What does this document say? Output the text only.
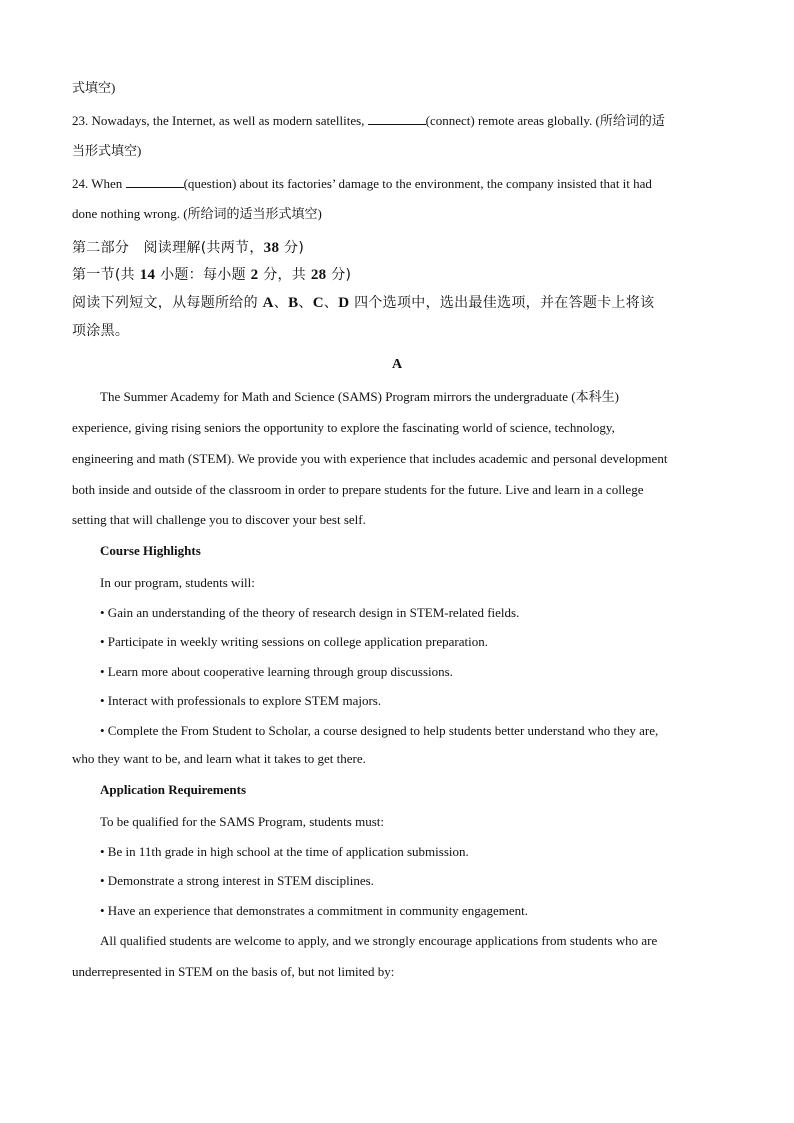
式填空)
23. Nowadays, the Internet, as well as modern satellites,	(connect) remote areas globally. (所给词的适
当形式填空)
24. When	(question) about its factories’ damage to the environment, the company insisted that it had
done nothing wrong. (所给词的适当形式填空)
第二部分　阅读理解(共两节，38 分)
第一节(共 14 小题：每小题 2 分，共 28 分)
阅读下列短文，从每题所给的 A、B、C、D 四个选项中，选出最佳选项，并在答题卡上将该
项涂黑。
A
The Summer Academy for Math and Science (SAMS) Program mirrors the undergraduate (本科生)
experience, giving rising seniors the opportunity to explore the fascinating world of science, technology,
engineering and math (STEM). We provide you with experience that includes academic and personal development
both inside and outside of the classroom in order to prepare students for the future. Live and learn in a college
setting that will challenge you to discover your best self.
Course Highlights
In our program, students will:
• Gain an understanding of the theory of research design in STEM-related fields.
• Participate in weekly writing sessions on college application preparation.
• Learn more about cooperative learning through group discussions.
• Interact with professionals to explore STEM majors.
• Complete the From Student to Scholar, a course designed to help students better understand who they are,
who they want to be, and learn what it takes to get there.
Application Requirements
To be qualified for the SAMS Program, students must:
• Be in 11th grade in high school at the time of application submission.
• Demonstrate a strong interest in STEM disciplines.
• Have an experience that demonstrates a commitment in community engagement.
All qualified students are welcome to apply, and we strongly encourage applications from students who are
underrepresented in STEM on the basis of, but not limited by:
